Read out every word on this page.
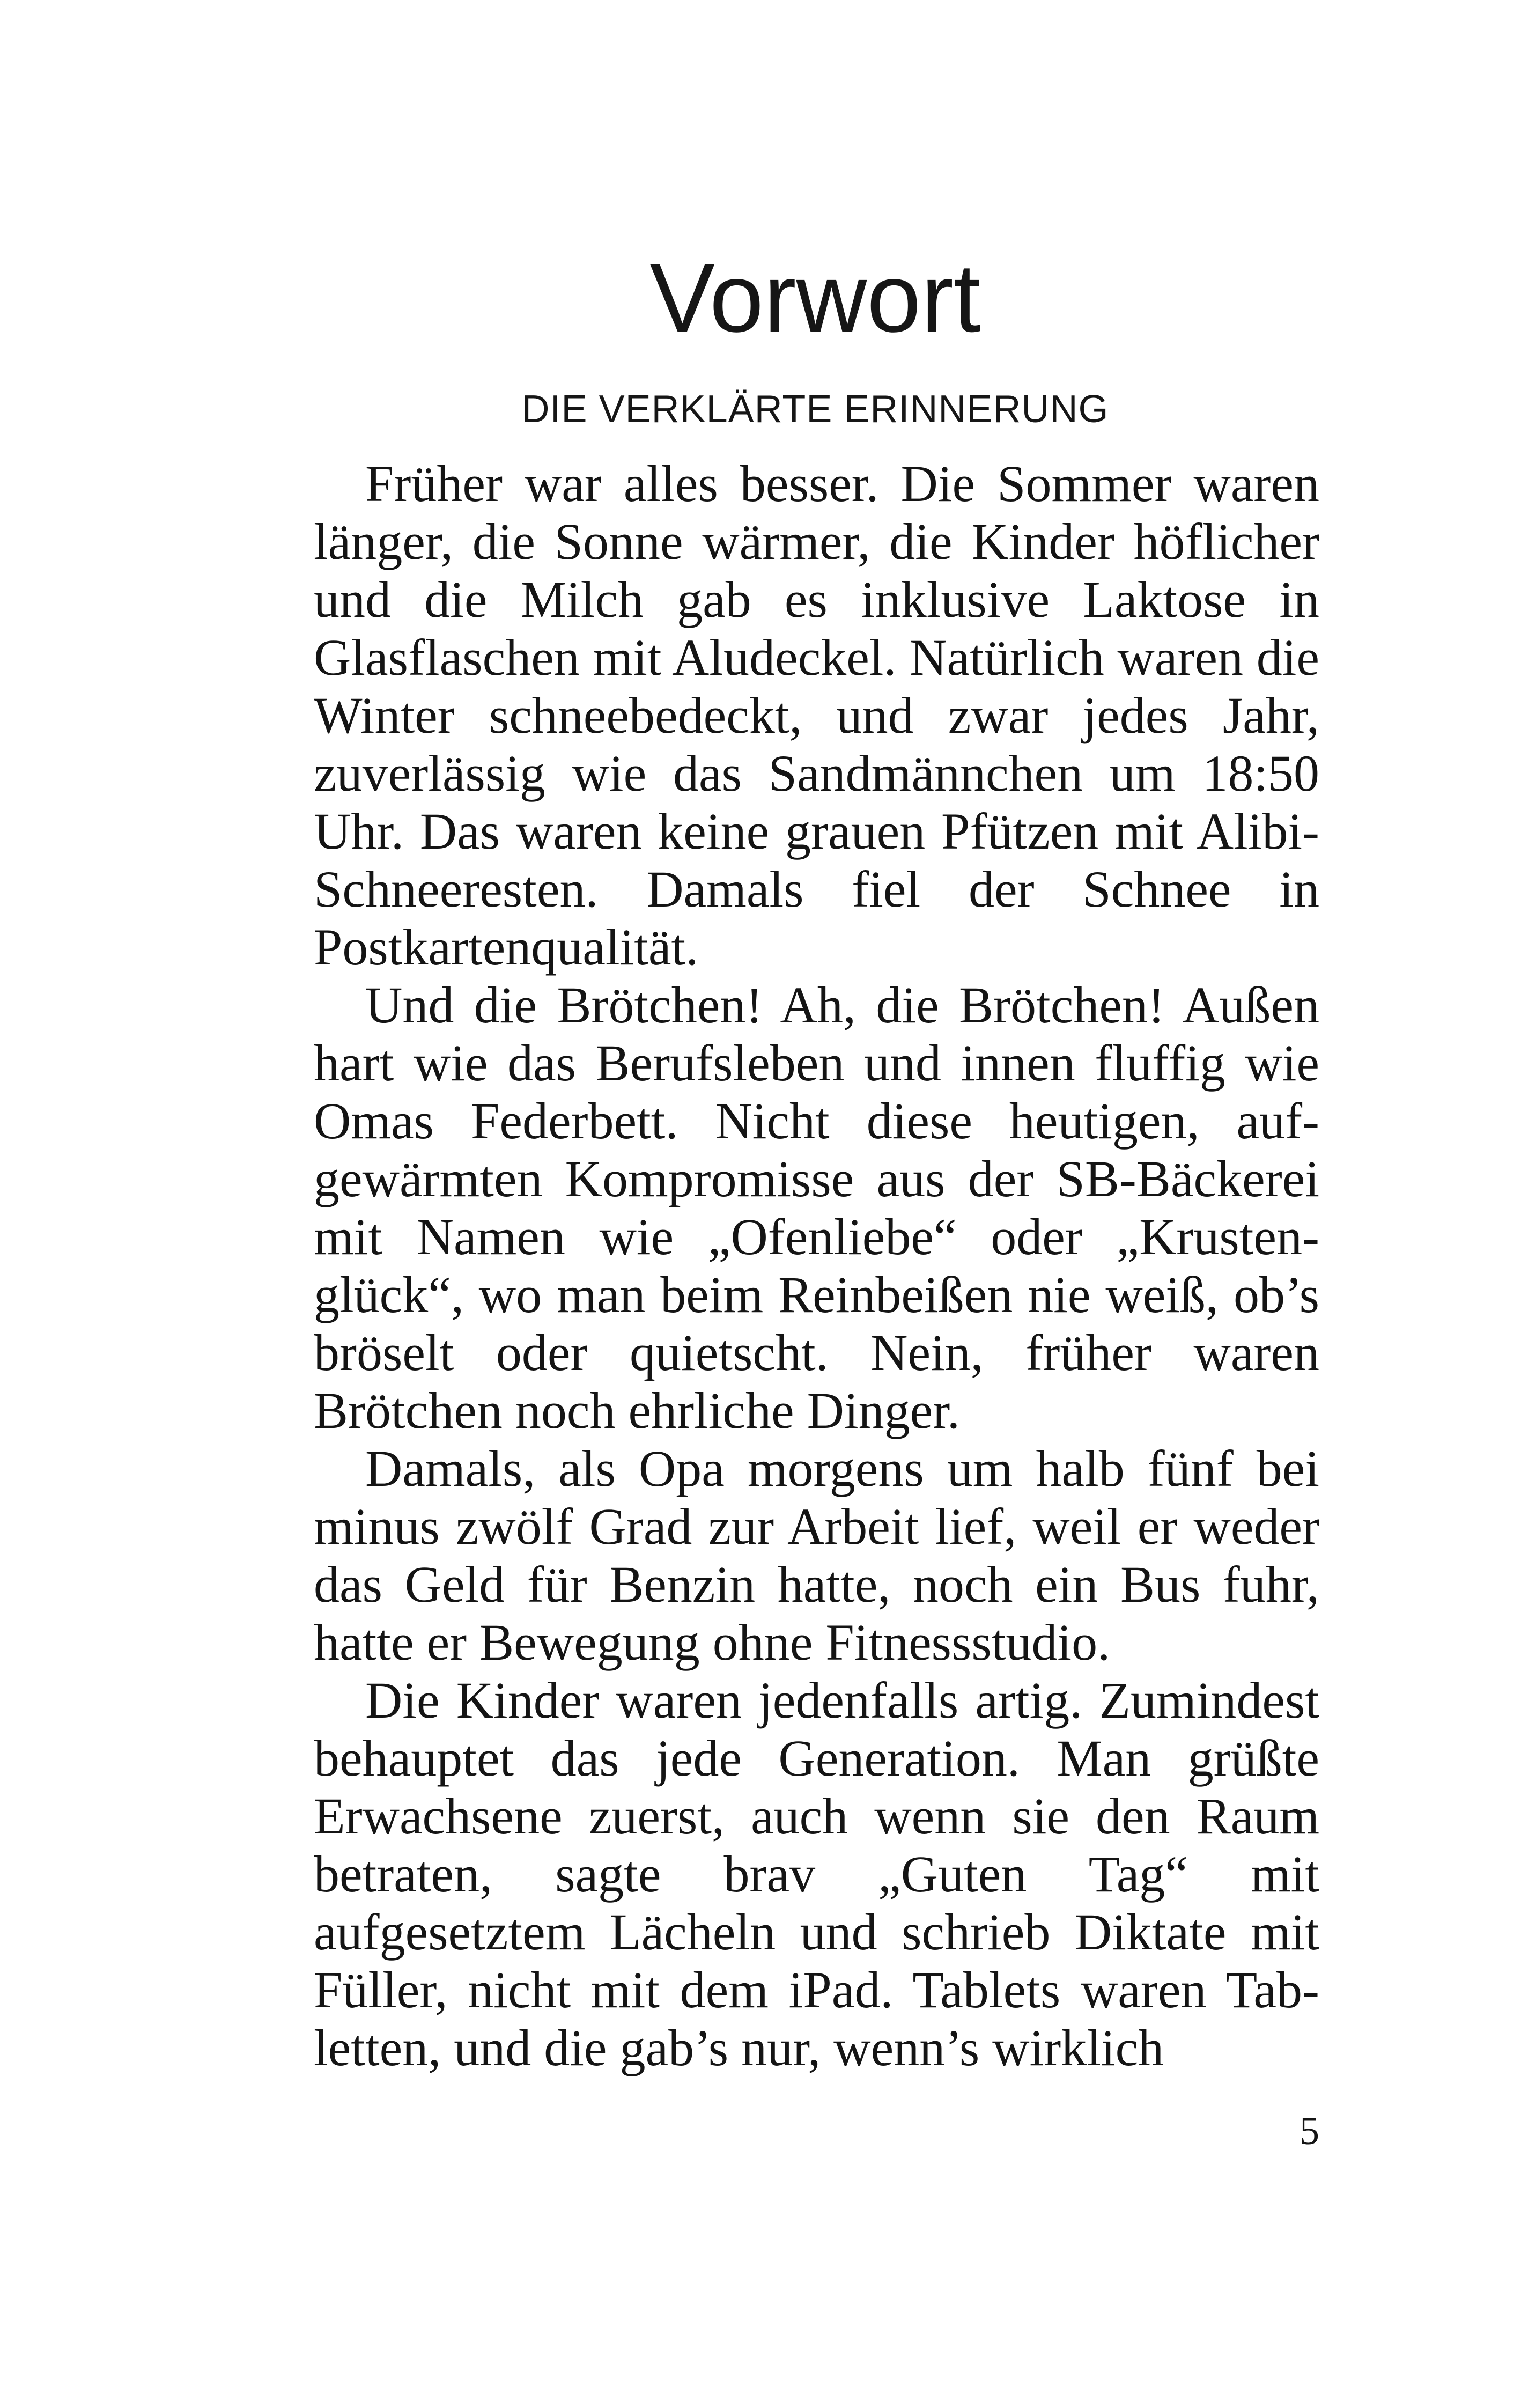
Vorwort
DIE VERKLÄRTE ERINNERUNG

Früher war alles besser. Die Sommer waren länger, die Sonne wärmer, die Kinder höflicher und die Milch gab es inklusive Laktose in Glasflaschen mit Aludeckel. Natürlich waren die Winter schneebedeckt, und zwar jedes Jahr, zuverlässig wie das Sandmännchen um 18:50 Uhr. Das waren keine grauen Pfützen mit Alibi-Schneeresten. Damals fiel der Schnee in Postkartenqualität.

Und die Brötchen! Ah, die Brötchen! Außen hart wie das Berufsleben und innen fluffig wie Omas Federbett. Nicht diese heutigen, aufgewärmten Kompromisse aus der SB-Bäckerei mit Namen wie „Ofenliebe“ oder „Krustenglück“, wo man beim Reinbeißen nie weiß, ob’s bröselt oder quietscht. Nein, früher waren Brötchen noch ehrliche Dinger.

Damals, als Opa morgens um halb fünf bei minus zwölf Grad zur Arbeit lief, weil er weder das Geld für Benzin hatte, noch ein Bus fuhr, hatte er Bewegung ohne Fitnessstudio.

Die Kinder waren jedenfalls artig. Zumindest behauptet das jede Generation. Man grüßte Erwachsene zuerst, auch wenn sie den Raum betraten, sagte brav „Guten Tag“ mit aufgesetztem Lächeln und schrieb Diktate mit Füller, nicht mit dem iPad. Tablets waren Tabletten, und die gab’s nur, wenn’s wirklich

5
